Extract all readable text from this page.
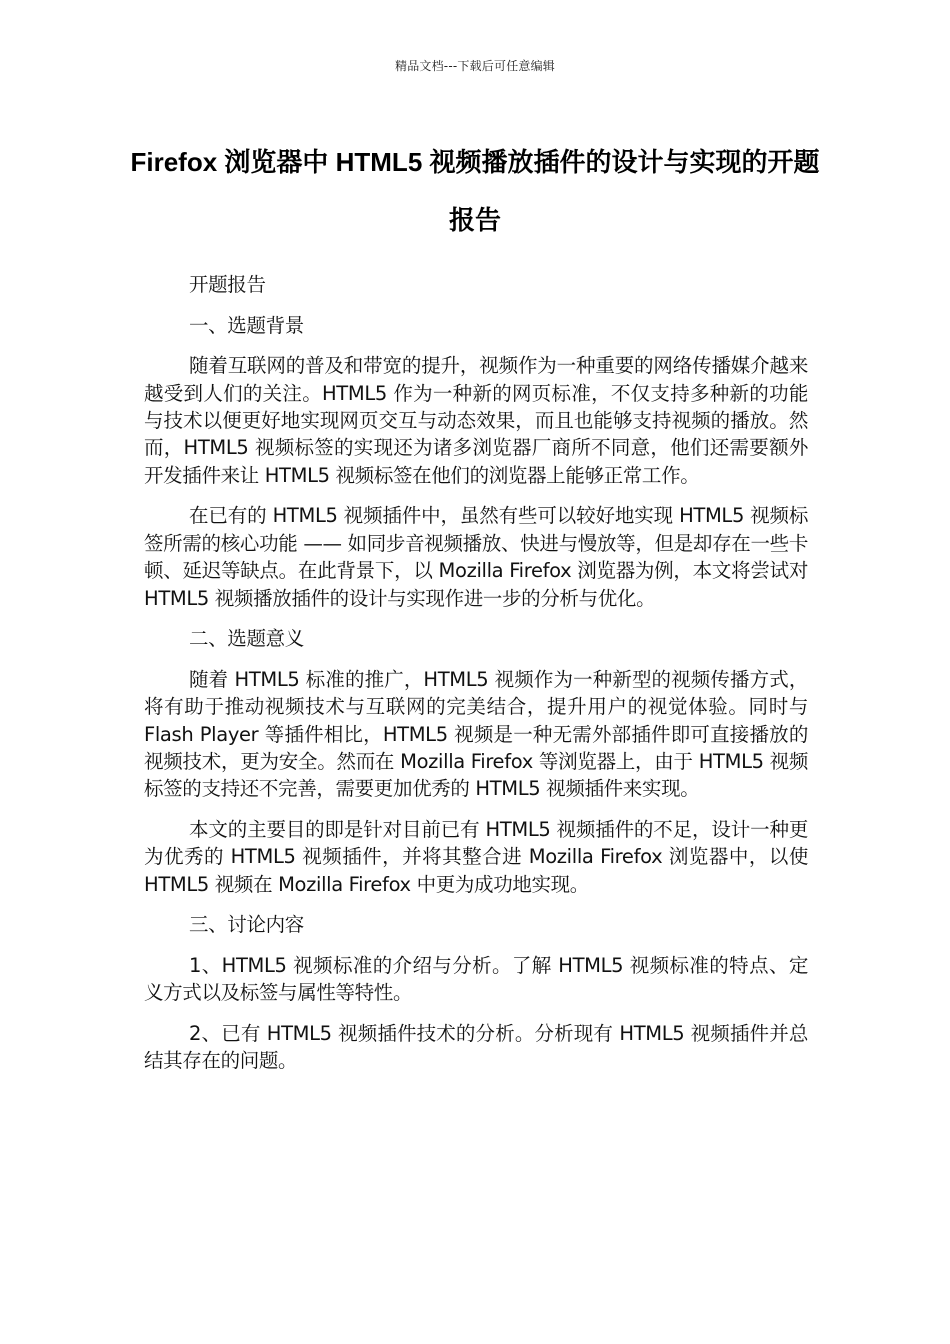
精品文档---下载后可任意编辑
Firefox 浏览器中 HTML5 视频播放插件的设计与实现的开题报告

开题报告

一、选题背景

随着互联网的普及和带宽的提升，视频作为一种重要的网络传播媒介越来越受到人们的关注。HTML5 作为一种新的网页标准，不仅支持多种新的功能与技术以便更好地实现网页交互与动态效果，而且也能够支持视频的播放。然而，HTML5 视频标签的实现还为诸多浏览器厂商所不同意，他们还需要额外开发插件来让 HTML5 视频标签在他们的浏览器上能够正常工作。

在已有的 HTML5 视频插件中，虽然有些可以较好地实现 HTML5 视频标签所需的核心功能 —— 如同步音视频播放、快进与慢放等，但是却存在一些卡顿、延迟等缺点。在此背景下，以 Mozilla Firefox 浏览器为例，本文将尝试对 HTML5 视频播放插件的设计与实现作进一步的分析与优化。

二、选题意义

随着 HTML5 标准的推广，HTML5 视频作为一种新型的视频传播方式，将有助于推动视频技术与互联网的完美结合，提升用户的视觉体验。同时与 Flash Player 等插件相比，HTML5 视频是一种无需外部插件即可直接播放的视频技术，更为安全。然而在 Mozilla Firefox 等浏览器上，由于 HTML5 视频标签的支持还不完善，需要更加优秀的 HTML5 视频插件来实现。

本文的主要目的即是针对目前已有 HTML5 视频插件的不足，设计一种更为优秀的 HTML5 视频插件，并将其整合进 Mozilla Firefox 浏览器中，以使 HTML5 视频在 Mozilla Firefox 中更为成功地实现。

三、讨论内容

1、HTML5 视频标准的介绍与分析。了解 HTML5 视频标准的特点、定义方式以及标签与属性等特性。

2、已有 HTML5 视频插件技术的分析。分析现有 HTML5 视频插件并总结其存在的问题。
